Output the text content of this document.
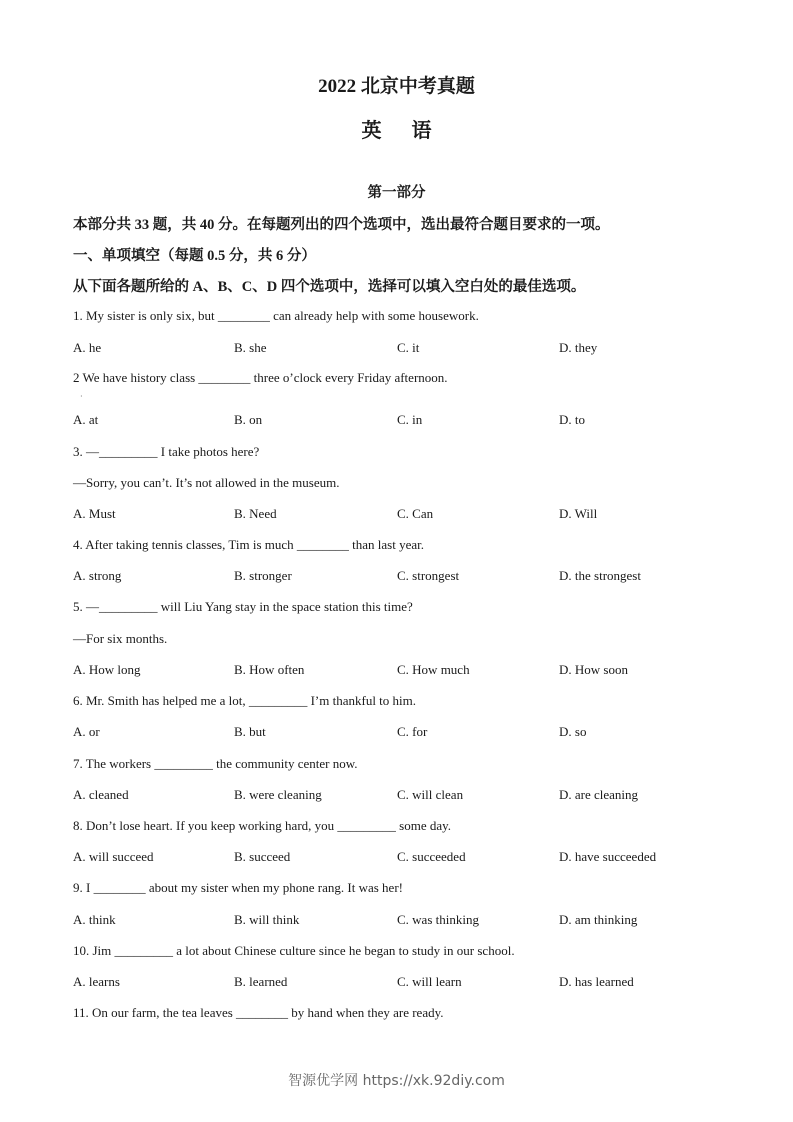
2022 北京中考真题
英语
第一部分
本部分共 33 题，共 40 分。在每题列出的四个选项中，选出最符合题目要求的一项。
一、单项填空（每题 0.5 分，共 6 分）
从下面各题所给的 A、B、C、D 四个选项中，选择可以填入空白处的最佳选项。
1. My sister is only six, but ________ can already help with some housework.
A. he	B. she	C. it	D. they
2 We have history class ________ three o’clock every Friday afternoon.
·
A. at	B. on	C. in	D. to
3. —_________ I take photos here?
—Sorry, you can’t. It’s not allowed in the museum.
A. Must	B. Need	C. Can	D. Will
4. After taking tennis classes, Tim is much ________ than last year.
A. strong	B. stronger	C. strongest	D. the strongest
5. —_________ will Liu Yang stay in the space station this time?
—For six months.
A. How long	B. How often	C. How much	D. How soon
6. Mr. Smith has helped me a lot, _________ I’m thankful to him.
A. or	B. but	C. for	D. so
7. The workers _________ the community center now.
A. cleaned	B. were cleaning	C. will clean	D. are cleaning
8. Don’t lose heart. If you keep working hard, you _________ some day.
A. will succeed	B. succeed	C. succeeded	D. have succeeded
9. I ________ about my sister when my phone rang. It was her!
A. think	B. will think	C. was thinking	D. am thinking
10. Jim _________ a lot about Chinese culture since he began to study in our school.
A. learns	B. learned	C. will learn	D. has learned
11. On our farm, the tea leaves ________ by hand when they are ready.
智源优学网 https://xk.92diy.com
